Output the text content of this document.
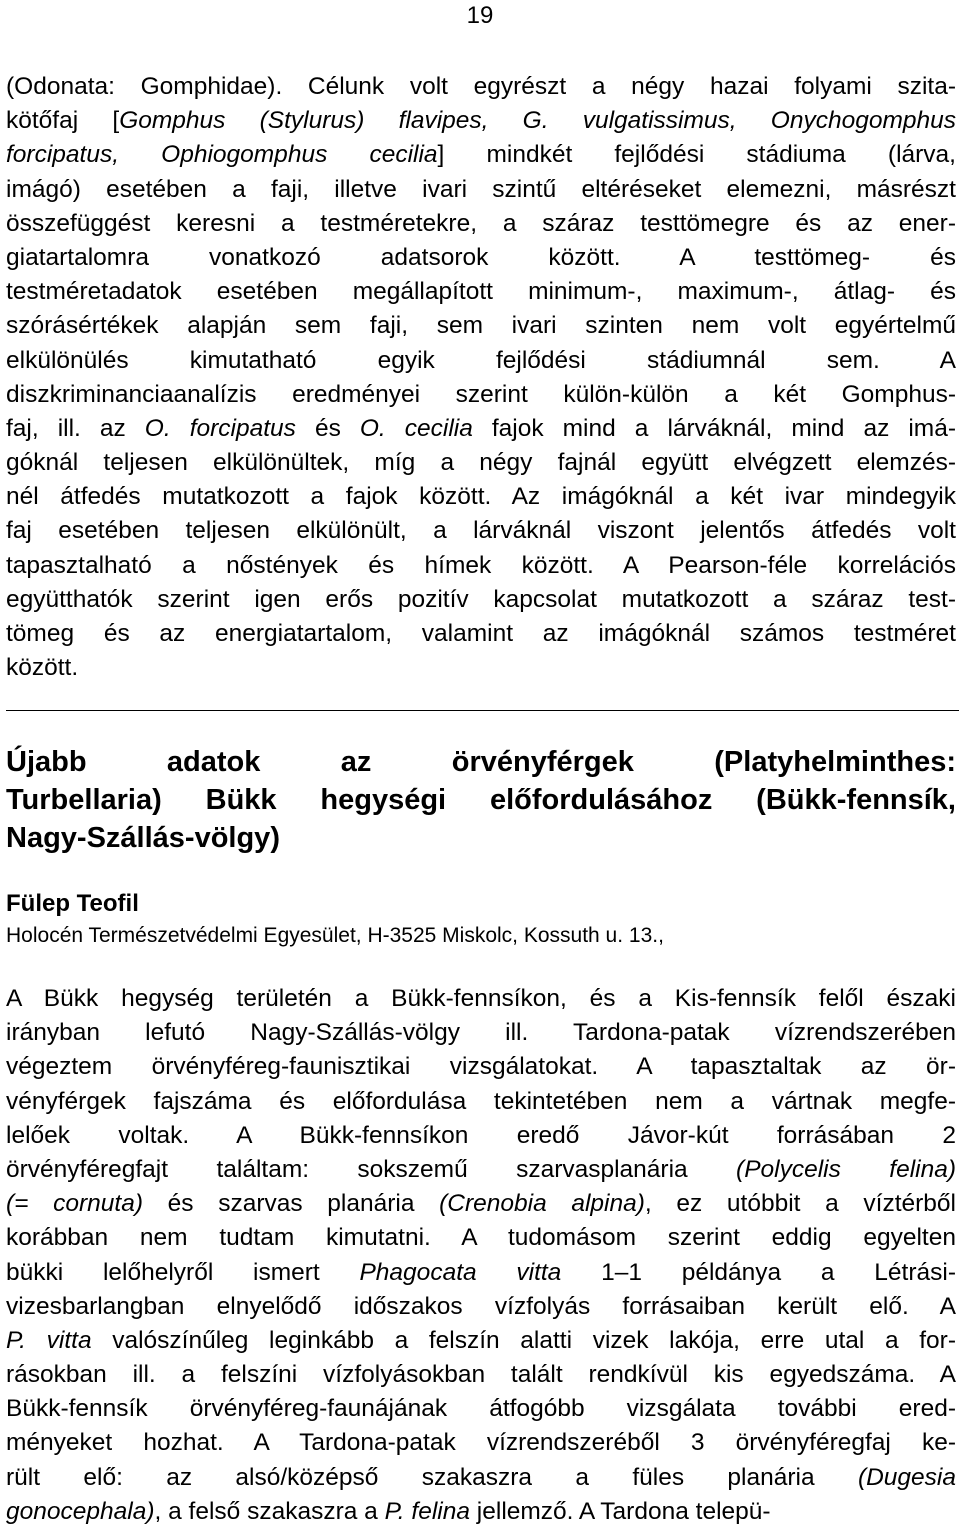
19
(Odonata: Gomphidae). Célunk volt egyrészt a négy hazai folyami szita-
kötőfaj [Gomphus (Stylurus) flavipes, G. vulgatissimus, Onychogomphus
forcipatus, Ophiogomphus cecilia] mindkét fejlődési stádiuma (lárva,
imágó) esetében a faji, illetve ivari szintű eltéréseket elemezni, másrészt
összefüggést keresni a testméretekre, a száraz testtömegre és az ener-
giatartalomra vonatkozó adatsorok között. A testtömeg- és
testméretadatok esetében megállapított minimum-, maximum-, átlag- és
szórásértékek alapján sem faji, sem ivari szinten nem volt egyértelmű
elkülönülés kimutatható egyik fejlődési stádiumnál sem. A
diszkriminanciaanalízis eredményei szerint külön-külön a két Gomphus-
faj, ill. az O. forcipatus és O. cecilia fajok mind a lárváknál, mind az imá-
góknál teljesen elkülönültek, míg a négy fajnál együtt elvégzett elemzés-
nél átfedés mutatkozott a fajok között. Az imágóknál a két ivar mindegyik
faj esetében teljesen elkülönült, a lárváknál viszont jelentős átfedés volt
tapasztalható a nőstények és hímek között. A Pearson-féle korrelációs
együtthatók szerint igen erős pozitív kapcsolat mutatkozott a száraz test-
tömeg és az energiatartalom, valamint az imágóknál számos testméret
között.
Újabb adatok az örvényférgek (Platyhelminthes:
Turbellaria) Bükk hegységi előfordulásához (Bükk-fennsík,
Nagy-Szállás-völgy)

Fülep Teofil

Holocén Természetvédelmi Egyesület, H-3525 Miskolc, Kossuth u. 13.,

A Bükk hegység területén a Bükk-fennsíkon, és a Kis-fennsík felől északi
irányban lefutó Nagy-Szállás-völgy ill. Tardona-patak vízrendszerében
végeztem örvényféreg-faunisztikai vizsgálatokat. A tapasztaltak az ör-
vényférgek fajszáma és előfordulása tekintetében nem a vártnak megfe-
lelőek voltak. A Bükk-fennsíkon eredő Jávor-kút forrásában 2
örvényféregfajt találtam: sokszemű szarvasplanária (Polycelis felina)
(= cornuta) és szarvas planária (Crenobia alpina), ez utóbbit a víztérből
korábban nem tudtam kimutatni. A tudomásom szerint eddig egyelten
bükki lelőhelyről ismert Phagocata vitta 1–1 példánya a Létrási-
vizesbarlangban elnyelődő időszakos vízfolyás forrásaiban került elő. A
P. vitta valószínűleg leginkább a felszín alatti vizek lakója, erre utal a for-
rásokban ill. a felszíni vízfolyásokban talált rendkívül kis egyedszáma. A
Bükk-fennsík örvényféreg-faunájának átfogóbb vizsgálata további ered-
ményeket hozhat. A Tardona-patak vízrendszeréből 3 örvényféregfaj ke-
rült elő: az alsó/középső szakaszra a füles planária (Dugesia
gonocephala), a felső szakaszra a P. felina jellemző. A Tardona telepü-
